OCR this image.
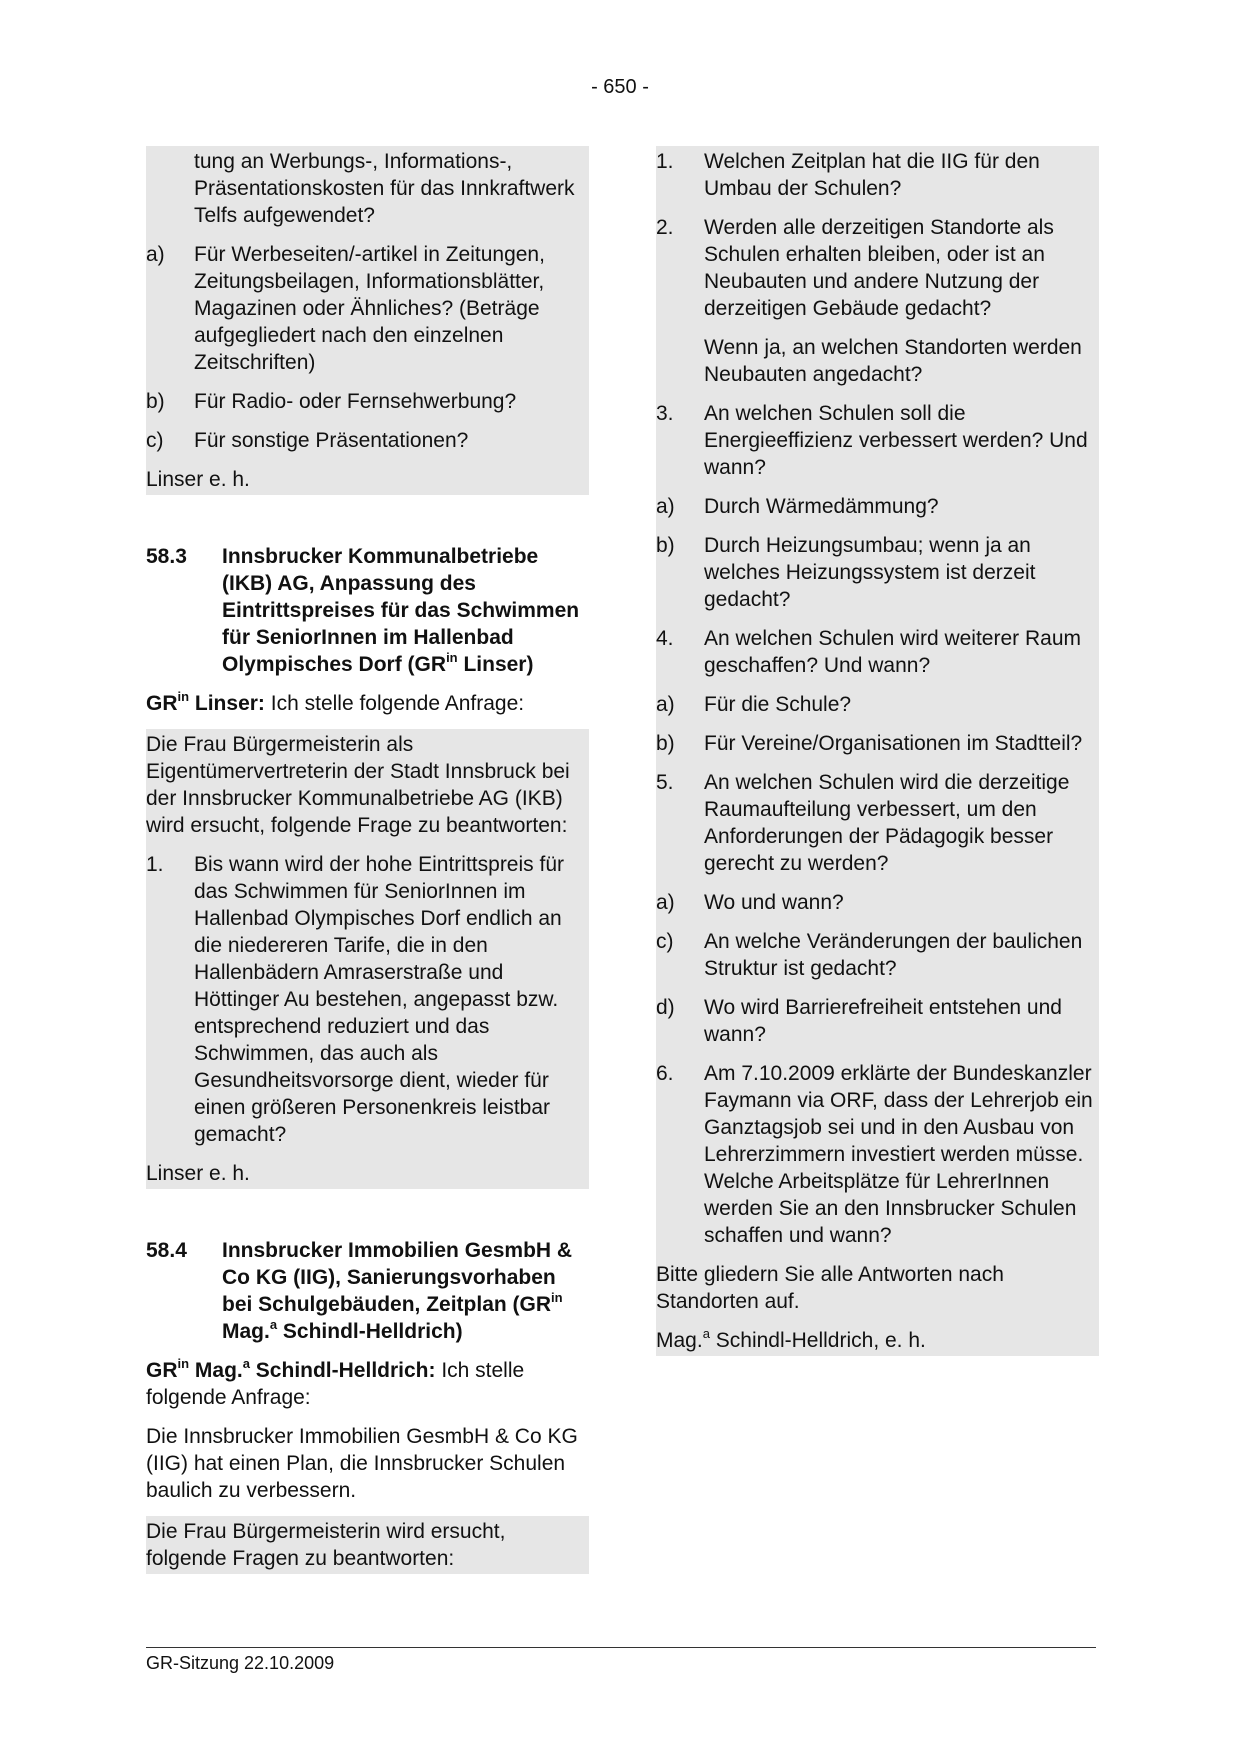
- 650 -
tung an Werbungs-, Informations-, Präsentationskosten für das Innkraftwerk Telfs aufgewendet?
a)	Für Werbeseiten/-artikel in Zeitungen, Zeitungsbeilagen, Informationsblätter, Magazinen oder Ähnliches? (Beträge aufgegliedert nach den einzelnen Zeitschriften)
b)	Für Radio- oder Fernsehwerbung?
c)	Für sonstige Präsentationen?
Linser e. h.
58.3	Innsbrucker Kommunalbetriebe (IKB) AG, Anpassung des Eintrittspreises für das Schwimmen für SeniorInnen im Hallenbad Olympisches Dorf ($GR^{in}$ Linser)
$GR^{in}$ Linser: Ich stelle folgende Anfrage:
Die Frau Bürgermeisterin als Eigentümervertreterin der Stadt Innsbruck bei der Innsbrucker Kommunalbetriebe AG (IKB) wird ersucht, folgende Frage zu beantworten:
1.	Bis wann wird der hohe Eintrittspreis für das Schwimmen für SeniorInnen im Hallenbad Olympisches Dorf endlich an die niedereren Tarife, die in den Hallenbädern Amraserstraße und Höttinger Au bestehen, angepasst bzw. entsprechend reduziert und das Schwimmen, das auch als Gesundheitsvorsorge dient, wieder für einen größeren Personenkreis leistbar gemacht?
Linser e. h.
58.4	Innsbrucker Immobilien GesmbH & Co KG (IIG), Sanierungsvorhaben bei Schulgebäuden, Zeitplan ($GR^{in}$ Mag.$^a$ Schindl-Helldrich)
$GR^{in}$ Mag.$^a$ Schindl-Helldrich: Ich stelle folgende Anfrage:
Die Innsbrucker Immobilien GesmbH & Co KG (IIG) hat einen Plan, die Innsbrucker Schulen baulich zu verbessern.
Die Frau Bürgermeisterin wird ersucht, folgende Fragen zu beantworten:
1.	Welchen Zeitplan hat die IIG für den Umbau der Schulen?
2.	Werden alle derzeitigen Standorte als Schulen erhalten bleiben, oder ist an Neubauten und andere Nutzung der derzeitigen Gebäude gedacht?
Wenn ja, an welchen Standorten werden Neubauten angedacht?
3.	An welchen Schulen soll die Energieeffizienz verbessert werden? Und wann?
a)	Durch Wärmedämmung?
b)	Durch Heizungsumbau; wenn ja an welches Heizungssystem ist derzeit gedacht?
4.	An welchen Schulen wird weiterer Raum geschaffen? Und wann?
a)	Für die Schule?
b)	Für Vereine/Organisationen im Stadtteil?
5.	An welchen Schulen wird die derzeitige Raumaufteilung verbessert, um den Anforderungen der Pädagogik besser gerecht zu werden?
a)	Wo und wann?
c)	An welche Veränderungen der baulichen Struktur ist gedacht?
d)	Wo wird Barrierefreiheit entstehen und wann?
6.	Am 7.10.2009 erklärte der Bundeskanzler Faymann via ORF, dass der Lehrerjob ein Ganztagsjob sei und in den Ausbau von Lehrerzimmern investiert werden müsse. Welche Arbeitsplätze für LehrerInnen werden Sie an den Innsbrucker Schulen schaffen und wann?
Bitte gliedern Sie alle Antworten nach Standorten auf.
Mag.$^a$ Schindl-Helldrich, e. h.
GR-Sitzung 22.10.2009
